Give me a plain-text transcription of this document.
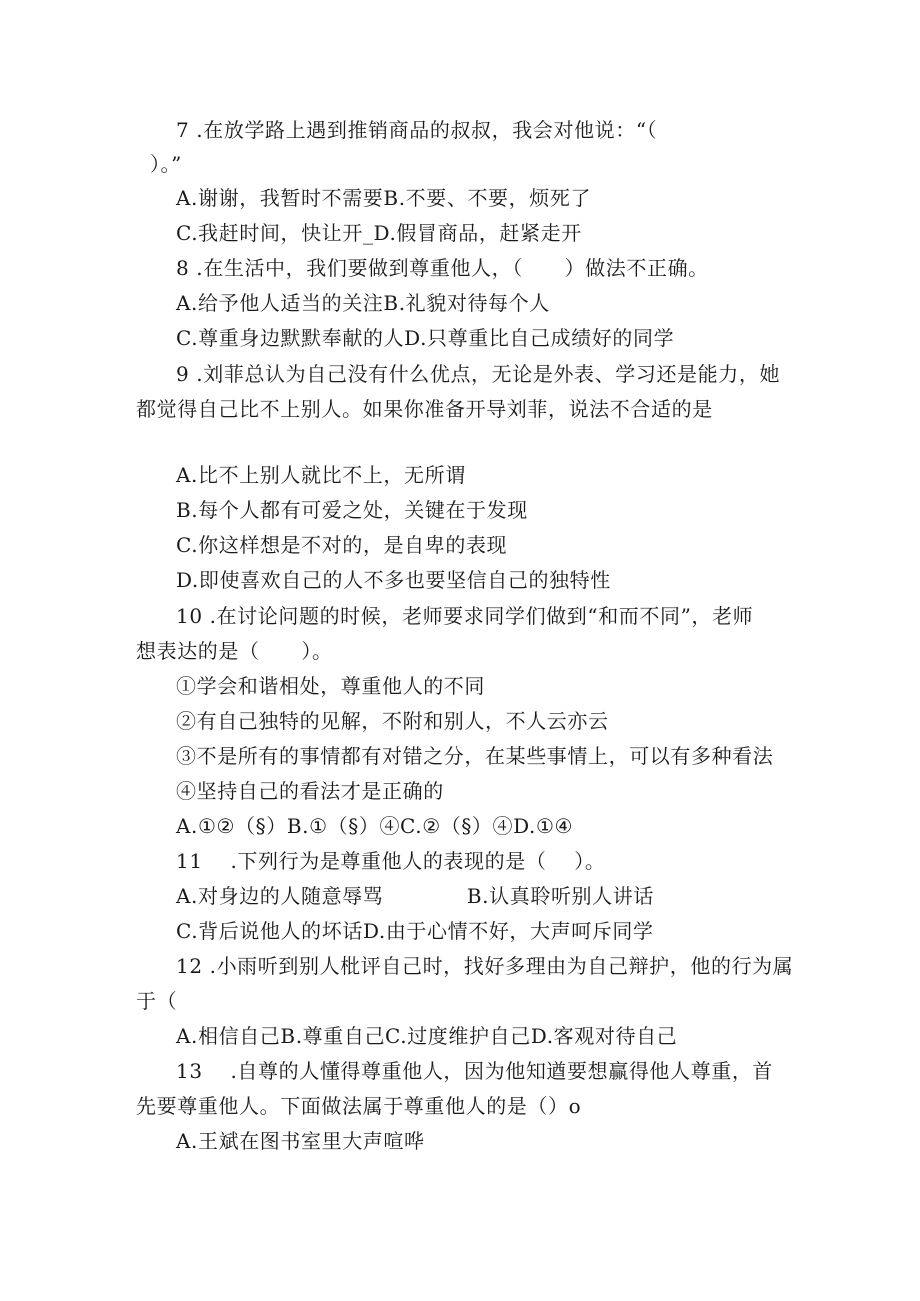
7 .在放学路上遇到推销商品的叔叔，我会对他说：“（
）。”
A.谢谢，我暂时不需要B.不要、不要，烦死了
C.我赶时间，快让开_D.假冒商品，赶紧走开
8 .在生活中，我们要做到尊重他人，（      ）做法不正确。
A.给予他人适当的关注B.礼貌对待每个人
C.尊重身边默默奉献的人D.只尊重比自己成绩好的同学
9 .刘菲总认为自己没有什么优点，无论是外表、学习还是能力，她
都觉得自己比不上别人。如果你准备开导刘菲，说法不合适的是
A.比不上别人就比不上，无所谓
B.每个人都有可爱之处，关键在于发现
C.你这样想是不对的，是自卑的表现
D.即使喜欢自己的人不多也要坚信自己的独特性
10 .在讨论问题的时候，老师要求同学们做到“和而不同”，老师
想表达的是（      ）。
①学会和谐相处，尊重他人的不同
②有自己独特的见解，不附和别人，不人云亦云
③不是所有的事情都有对错之分，在某些事情上，可以有多种看法
④坚持自己的看法才是正确的
A.①②（§）B.①（§）④C.②（§）④D.①④
11    .下列行为是尊重他人的表现的是（    ）。
A.对身边的人随意辱骂            B.认真聆听别人讲话
C.背后说他人的坏话D.由于心情不好，大声呵斥同学
12 .小雨听到别人枇评自己时，找好多理由为自己辩护，他的行为属
于（
A.相信自己B.尊重自己C.过度维护自己D.客观对待自己
13    .自尊的人懂得尊重他人，因为他知遒要想赢得他人尊重，首
先要尊重他人。下面做法属于尊重他人的是（）o
A.王斌在图书室里大声喧哗
